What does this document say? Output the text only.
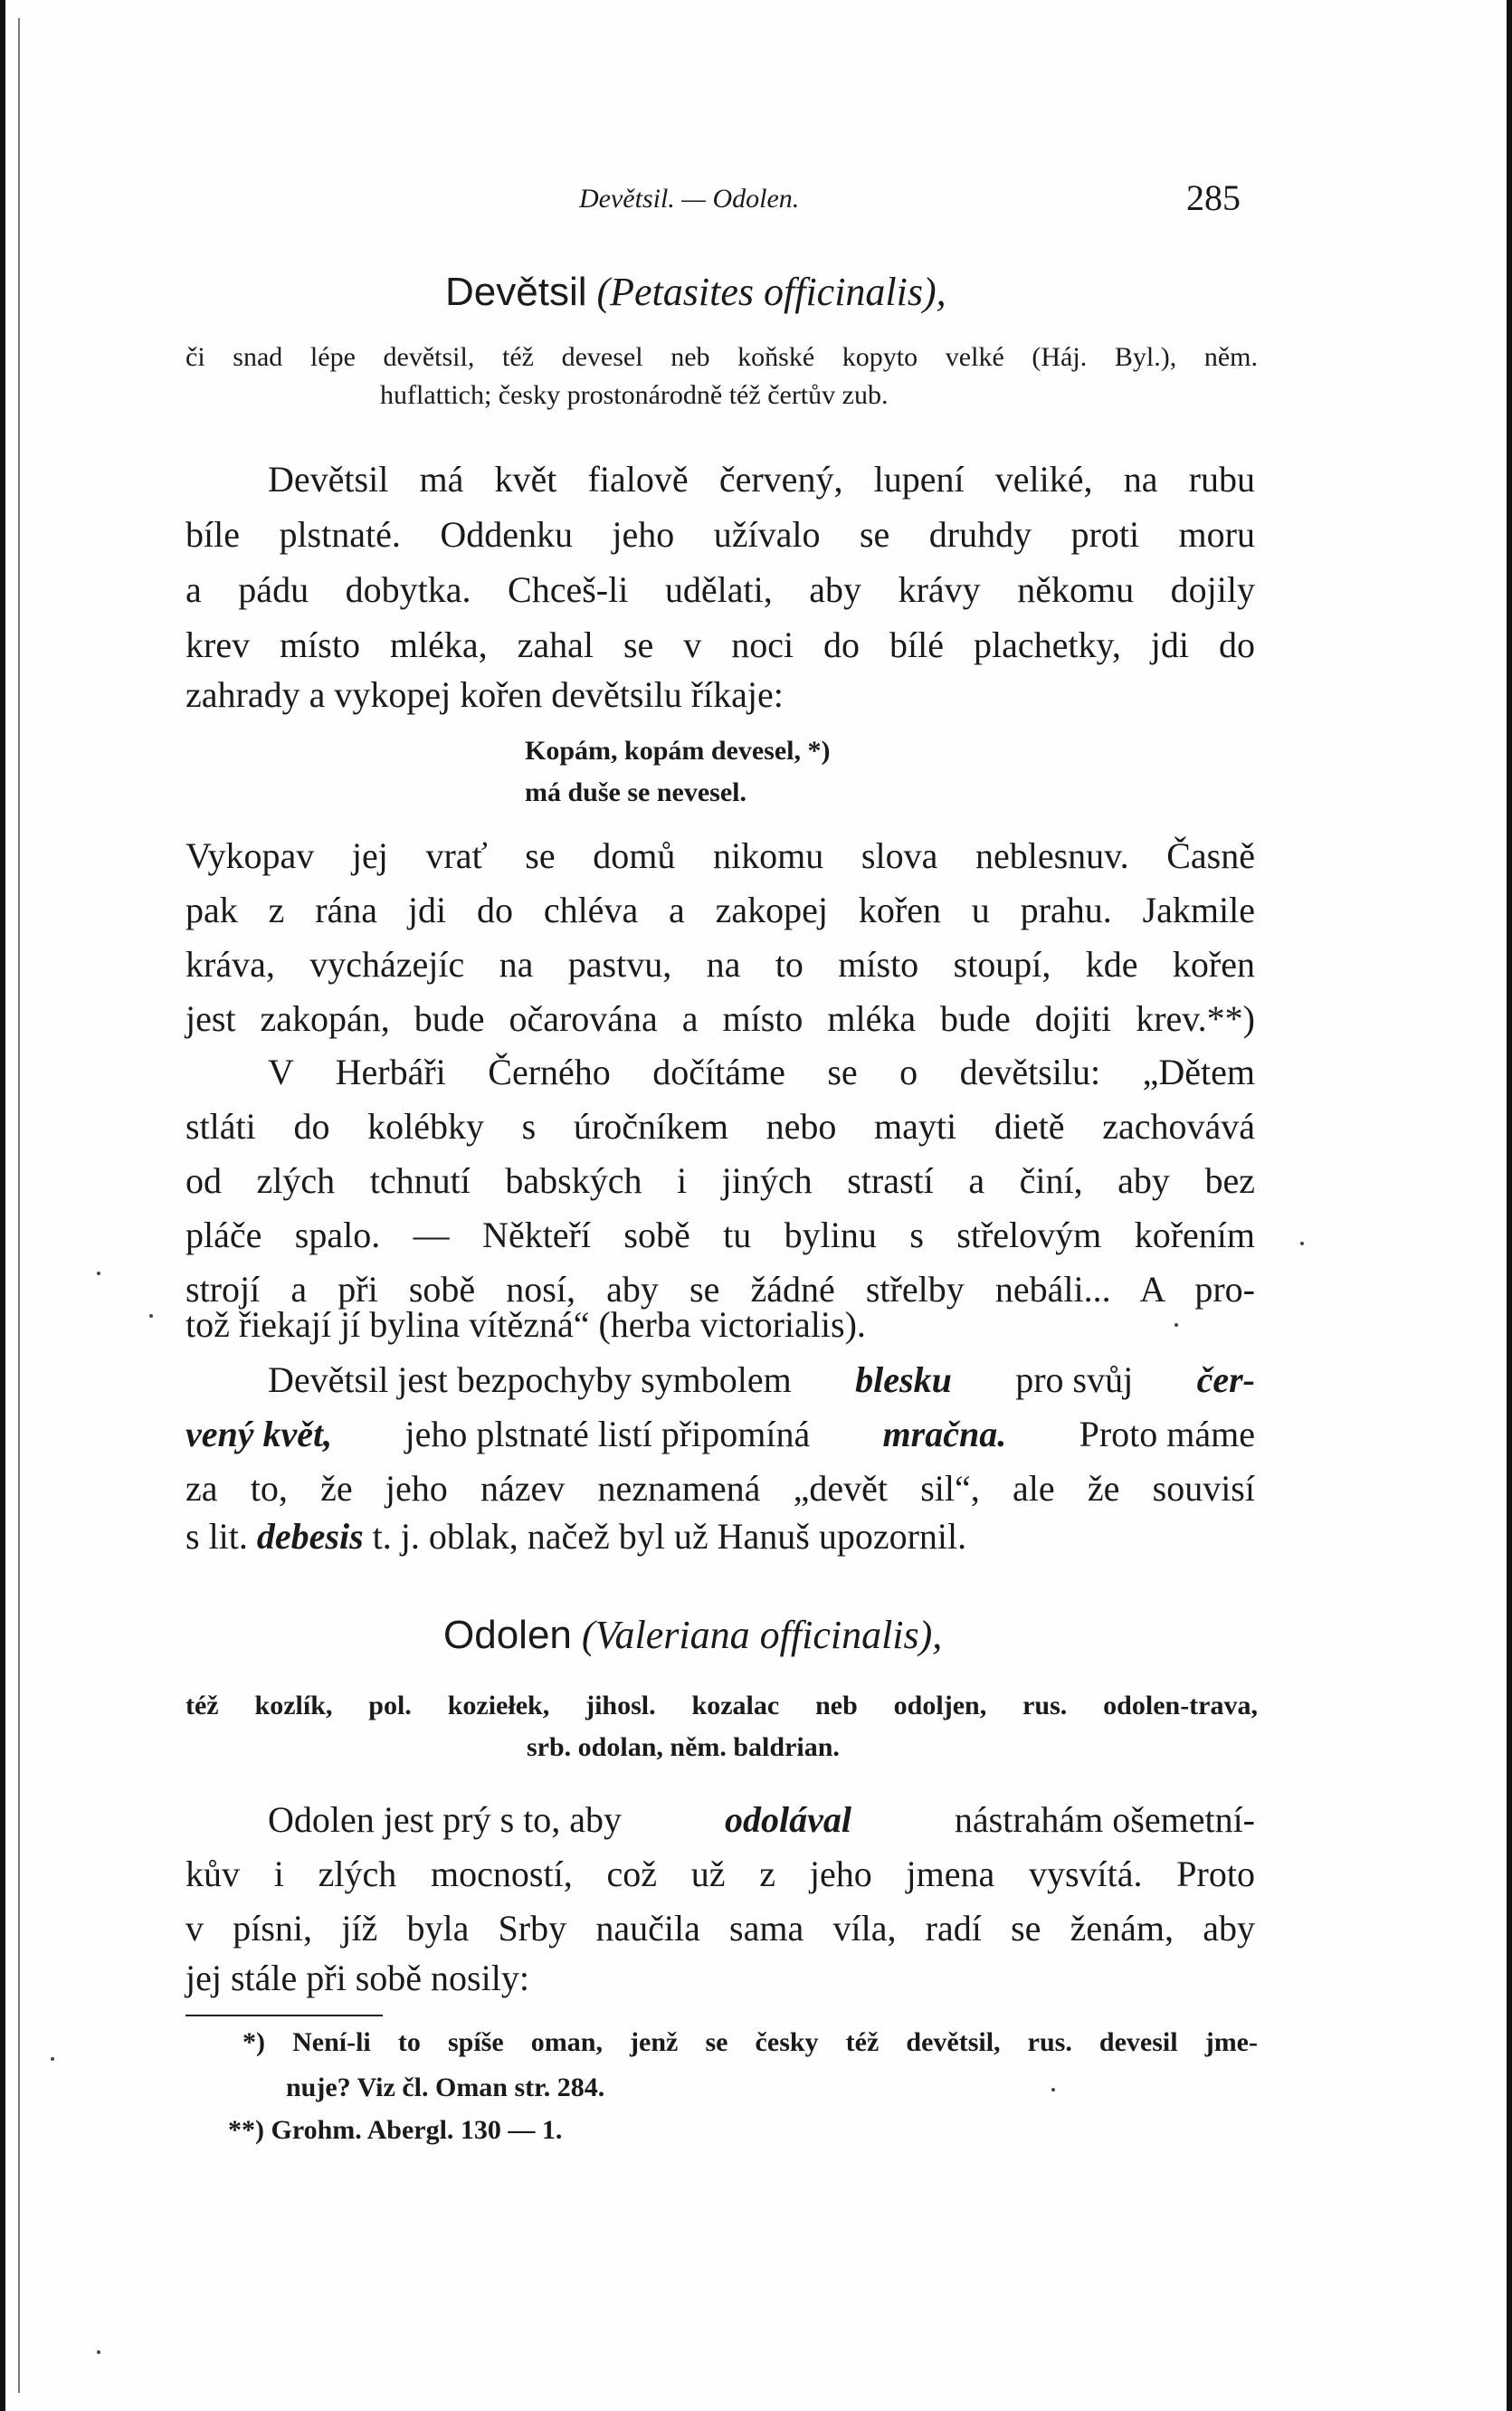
Devětsil. — Odolen.	285
Devětsil (Petasites officinalis),
či snad lépe devětsil, též devesel neb koňské kopyto velké (Háj. Byl.), něm.
huflattich; česky prostonárodně též čertův zub.
Devětsil má květ fialově červený, lupení veliké, na rubu
bíle plstnaté. Oddenku jeho užívalo se druhdy proti moru
a pádu dobytka. Chceš-li udělati, aby krávy někomu dojily
krev místo mléka, zahal se v noci do bílé plachetky, jdi do
zahrady a vykopej kořen devětsilu říkaje:
Kopám, kopám devesel, *)
má duše se nevesel.
Vykopav jej vrať se domů nikomu slova neblesnuv. Časně
pak z rána jdi do chléva a zakopej kořen u prahu. Jakmile
kráva, vycházejíc na pastvu, na to místo stoupí, kde kořen
jest zakopán, bude očarována a místo mléka bude dojiti krev.**)
V Herbáři Černého dočítáme se o devětsilu: „Dětem
stláti do kolébky s úročníkem nebo mayti dietě zachovává
od zlých tchnutí babských i jiných strastí a činí, aby bez
pláče spalo. — Někteří sobě tu bylinu s střelovým kořením
strojí a při sobě nosí, aby se žádné střelby nebáli... A pro-
tož řiekají jí bylina vítězná“ (herba victorialis).
Devětsil jest bezpochyby symbolem blesku pro svůj čer-
vený květ, jeho plstnaté listí připomíná mračna. Proto máme
za to, že jeho název neznamená „devět sil“, ale že souvisí
s lit. debesis t. j. oblak, načež byl už Hanuš upozornil.
Odolen (Valeriana officinalis),
též kozlík, pol. koziełek, jihosl. kozalac neb odoljen, rus. odolen-trava,
srb. odolan, něm. baldrian.
Odolen jest prý s to, aby	odolával	nástrahám ošemetní-
kův i zlých mocností, což už z jeho jmena vysvítá. Proto
v písni, jíž byla Srby naučila sama víla, radí se ženám, aby
jej stále při sobě nosily:
*) Není-li to spíše oman, jenž se česky též devětsil, rus. devesil jme-
nuje? Viz čl. Oman str. 284.
**) Grohm. Abergl. 130 — 1.
